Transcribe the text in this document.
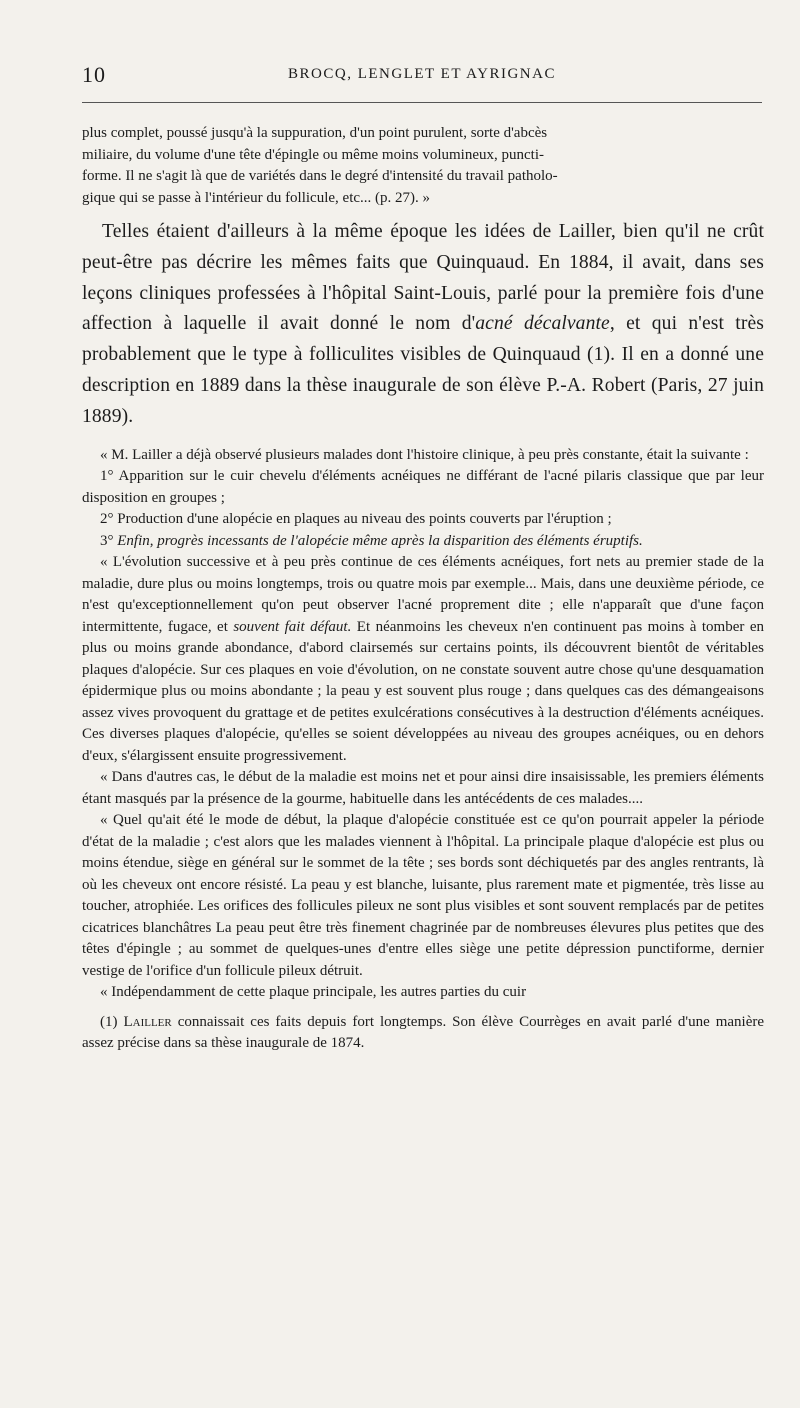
10	BROCQ, LENGLET ET AYRIGNAC

plus complet, poussé jusqu'à la suppuration, d'un point purulent, sorte d'abcès
miliaire, du volume d'une tête d'épingle ou même moins volumineux, puncti-
forme. Il ne s'agit là que de variétés dans le degré d'intensité du travail patholo-
gique qui se passe à l'intérieur du follicule, etc... (p. 27). »

Telles étaient d'ailleurs à la même époque les idées de Lailler, bien qu'il ne crût peut-être pas décrire les mêmes faits que Quinquaud. En 1884, il avait, dans ses leçons cliniques professées à l'hôpital Saint-Louis, parlé pour la première fois d'une affection à laquelle il avait donné le nom d'acné décalvante, et qui n'est très probablement que le type à folliculites visibles de Quinquaud (1). Il en a donné une description en 1889 dans la thèse inaugurale de son élève P.-A. Robert (Paris, 27 juin 1889).

« M. Lailler a déjà observé plusieurs malades dont l'histoire clinique, à peu près constante, était la suivante :

1° Apparition sur le cuir chevelu d'éléments acnéiques ne différant de l'acné pilaris classique que par leur disposition en groupes ;

2° Production d'une alopécie en plaques au niveau des points couverts par l'éruption ;

3° Enfin, progrès incessants de l'alopécie même après la disparition des éléments éruptifs.

« L'évolution successive et à peu près continue de ces éléments acnéiques, fort nets au premier stade de la maladie, dure plus ou moins longtemps, trois ou quatre mois par exemple... Mais, dans une deuxième période, ce n'est qu'exceptionnellement qu'on peut observer l'acné proprement dite ; elle n'apparaît que d'une façon intermittente, fugace, et souvent fait défaut. Et néanmoins les cheveux n'en continuent pas moins à tomber en plus ou moins grande abondance, d'abord clairsemés sur certains points, ils découvrent bientôt de véritables plaques d'alopécie. Sur ces plaques en voie d'évolution, on ne constate souvent autre chose qu'une desquamation épidermique plus ou moins abondante ; la peau y est souvent plus rouge ; dans quelques cas des démangeaisons assez vives provoquent du grattage et de petites exulcérations consécutives à la destruction d'éléments acnéiques. Ces diverses plaques d'alopécie, qu'elles se soient développées au niveau des groupes acnéiques, ou en dehors d'eux, s'élargissent ensuite progressivement.

« Dans d'autres cas, le début de la maladie est moins net et pour ainsi dire insaisissable, les premiers éléments étant masqués par la présence de la gourme, habituelle dans les antécédents de ces malades....

« Quel qu'ait été le mode de début, la plaque d'alopécie constituée est ce qu'on pourrait appeler la période d'état de la maladie ; c'est alors que les malades viennent à l'hôpital. La principale plaque d'alopécie est plus ou moins étendue, siège en général sur le sommet de la tête ; ses bords sont déchiquetés par des angles rentrants, là où les cheveux ont encore résisté. La peau y est blanche, luisante, plus rarement mate et pigmentée, très lisse au toucher, atrophiée. Les orifices des follicules pileux ne sont plus visibles et sont souvent remplacés par de petites cicatrices blanchâtres La peau peut être très finement chagrinée par de nombreuses élevures plus petites que des têtes d'épingle ; au sommet de quelques-unes d'entre elles siège une petite dépression punctiforme, dernier vestige de l'orifice d'un follicule pileux détruit.

« Indépendamment de cette plaque principale, les autres parties du cuir

(1) Lailler connaissait ces faits depuis fort longtemps. Son élève Courrèges en avait parlé d'une manière assez précise dans sa thèse inaugurale de 1874.
